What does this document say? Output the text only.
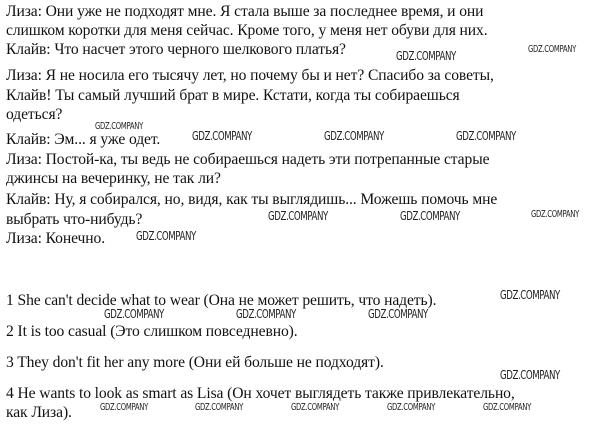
Лиза: Они уже не подходят мне. Я стала выше за последнее время, и они
слишком коротки для меня сейчас. Кроме того, у меня нет обуви для них.
Клайв: Что насчет этого черного шелкового платья?
Лиза: Я не носила его тысячу лет, но почему бы и нет? Спасибо за советы,
Клайв! Ты самый лучший брат в мире. Кстати, когда ты собираешься
одеться?
Клайв: Эм... я уже одет.
Лиза: Постой-ка, ты ведь не собираешься надеть эти потрепанные старые
джинсы на вечеринку, не так ли?
Клайв: Ну, я собирался, но, видя, как ты выглядишь... Можешь помочь мне
выбрать что-нибудь?
Лиза: Конечно.
1 She can't decide what to wear (Она не может решить, что надеть).
2 It is too casual (Это слишком повседневно).
3 They don't fit her any more (Они ей больше не подходят).
4 He wants to look as smart as Lisa (Он хочет выглядеть также привлекательно,
как Лиза).
GDZ.COMPANY
GDZ.COMPANY
GDZ.COMPANY
GDZ.COMPANY	GDZ.COMPANY	GDZ.COMPANY
GDZ.COMPANY	GDZ.COMPANY	GDZ.COMPANY
GDZ.COMPANY
GDZ.COMPANY
GDZ.COMPANY	GDZ.COMPANY	GDZ.COMPANY
GDZ.COMPANY
GDZ.COMPANY	GDZ.COMPANY	GDZ.COMPANY	GDZ.COMPANY	GDZ.COMPANY
